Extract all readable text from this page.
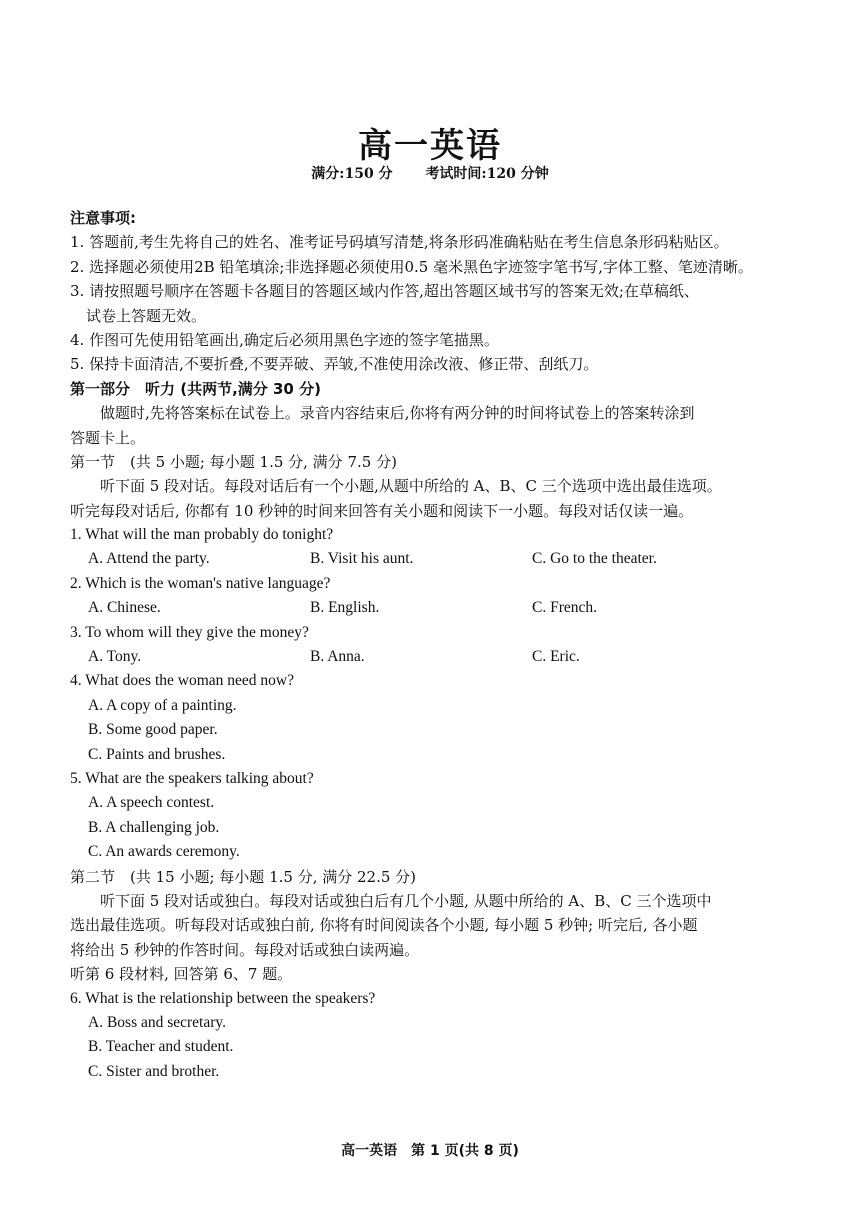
高一英语
满分:150 分 考试时间:120 分钟
注意事项:
1. 答题前,考生先将自己的姓名、准考证号码填写清楚,将条形码准确粘贴在考生信息条形码粘贴区。
2. 选择题必须使用2B 铅笔填涂;非选择题必须使用0.5 毫米黑色字迹签字笔书写,字体工整、笔迹清晰。
3. 请按照题号顺序在答题卡各题目的答题区域内作答,超出答题区域书写的答案无效;在草稿纸、
试卷上答题无效。
4. 作图可先使用铅笔画出,确定后必须用黑色字迹的签字笔描黑。
5. 保持卡面清洁,不要折叠,不要弄破、弄皱,不准使用涂改液、修正带、刮纸刀。
第一部分　听力 (共两节,满分 30 分)
做题时,先将答案标在试卷上。录音内容结束后,你将有两分钟的时间将试卷上的答案转涂到
答题卡上。
第一节　(共 5 小题; 每小题 1.5 分, 满分 7.5 分)
听下面 5 段对话。每段对话后有一个小题,从题中所给的 A、B、C 三个选项中选出最佳选项。
听完每段对话后, 你都有 10 秒钟的时间来回答有关小题和阅读下一小题。每段对话仅读一遍。
1. What will the man probably do tonight?
A. Attend the party.	B. Visit his aunt.	C. Go to the theater.
2. Which is the woman's native language?
A. Chinese.	B. English.	C. French.
3. To whom will they give the money?
A. Tony.	B. Anna.	C. Eric.
4. What does the woman need now?
A. A copy of a painting.
B. Some good paper.
C. Paints and brushes.
5. What are the speakers talking about?
A. A speech contest.
B. A challenging job.
C. An awards ceremony.
第二节　(共 15 小题; 每小题 1.5 分, 满分 22.5 分)
听下面 5 段对话或独白。每段对话或独白后有几个小题, 从题中所给的 A、B、C 三个选项中
选出最佳选项。听每段对话或独白前, 你将有时间阅读各个小题, 每小题 5 秒钟; 听完后, 各小题
将给出 5 秒钟的作答时间。每段对话或独白读两遍。
听第 6 段材料, 回答第 6、7 题。
6. What is the relationship between the speakers?
A. Boss and secretary.
B. Teacher and student.
C. Sister and brother.
高一英语　第 1 页(共 8 页)
